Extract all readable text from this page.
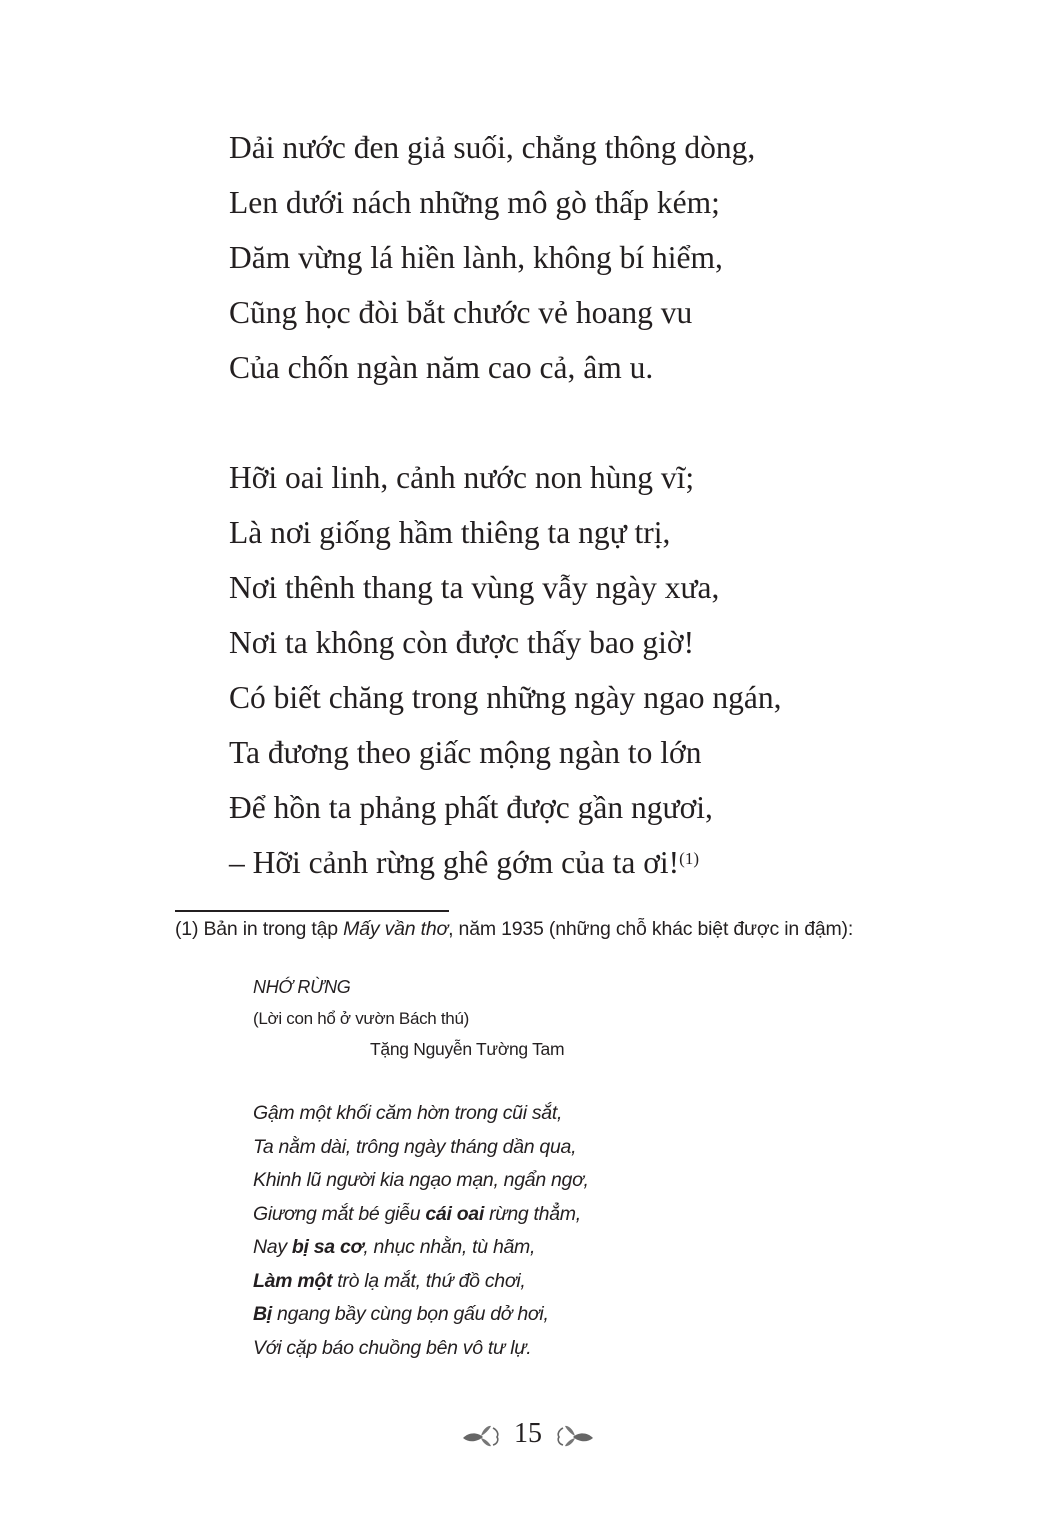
Dải nước đen giả suối, chẳng thông dòng,
Len dưới nách những mô gò thấp kém;
Dăm vừng lá hiền lành, không bí hiểm,
Cũng học đòi bắt chước vẻ hoang vu
Của chốn ngàn năm cao cả, âm u.
Hỡi oai linh, cảnh nước non hùng vĩ;
Là nơi giống hầm thiêng ta ngự trị,
Nơi thênh thang ta vùng vẫy ngày xưa,
Nơi ta không còn được thấy bao giờ!
Có biết chăng trong những ngày ngao ngán,
Ta đương theo giấc mộng ngàn to lớn
Để hồn ta phảng phất được gần ngươi,
– Hỡi cảnh rừng ghê gớm của ta ơi!$^{(1)}$
(1) Bản in trong tập Mấy vần thơ, năm 1935 (những chỗ khác biệt được in đậm):
NHỚ RỪNG
(Lời con hổ ở vườn Bách thú)
Tặng Nguyễn Tường Tam
Gậm một khối căm hờn trong cũi sắt,
Ta nằm dài, trông ngày tháng dần qua,
Khinh lũ người kia ngạo mạn, ngẩn ngơ,
Giương mắt bé giễu cái oai rừng thẳm,
Nay bị sa cơ, nhục nhằn, tù hãm,
Làm một trò lạ mắt, thứ đồ chơi,
Bị ngang bầy cùng bọn gấu dở hơi,
Với cặp báo chuồng bên vô tư lự.
15
